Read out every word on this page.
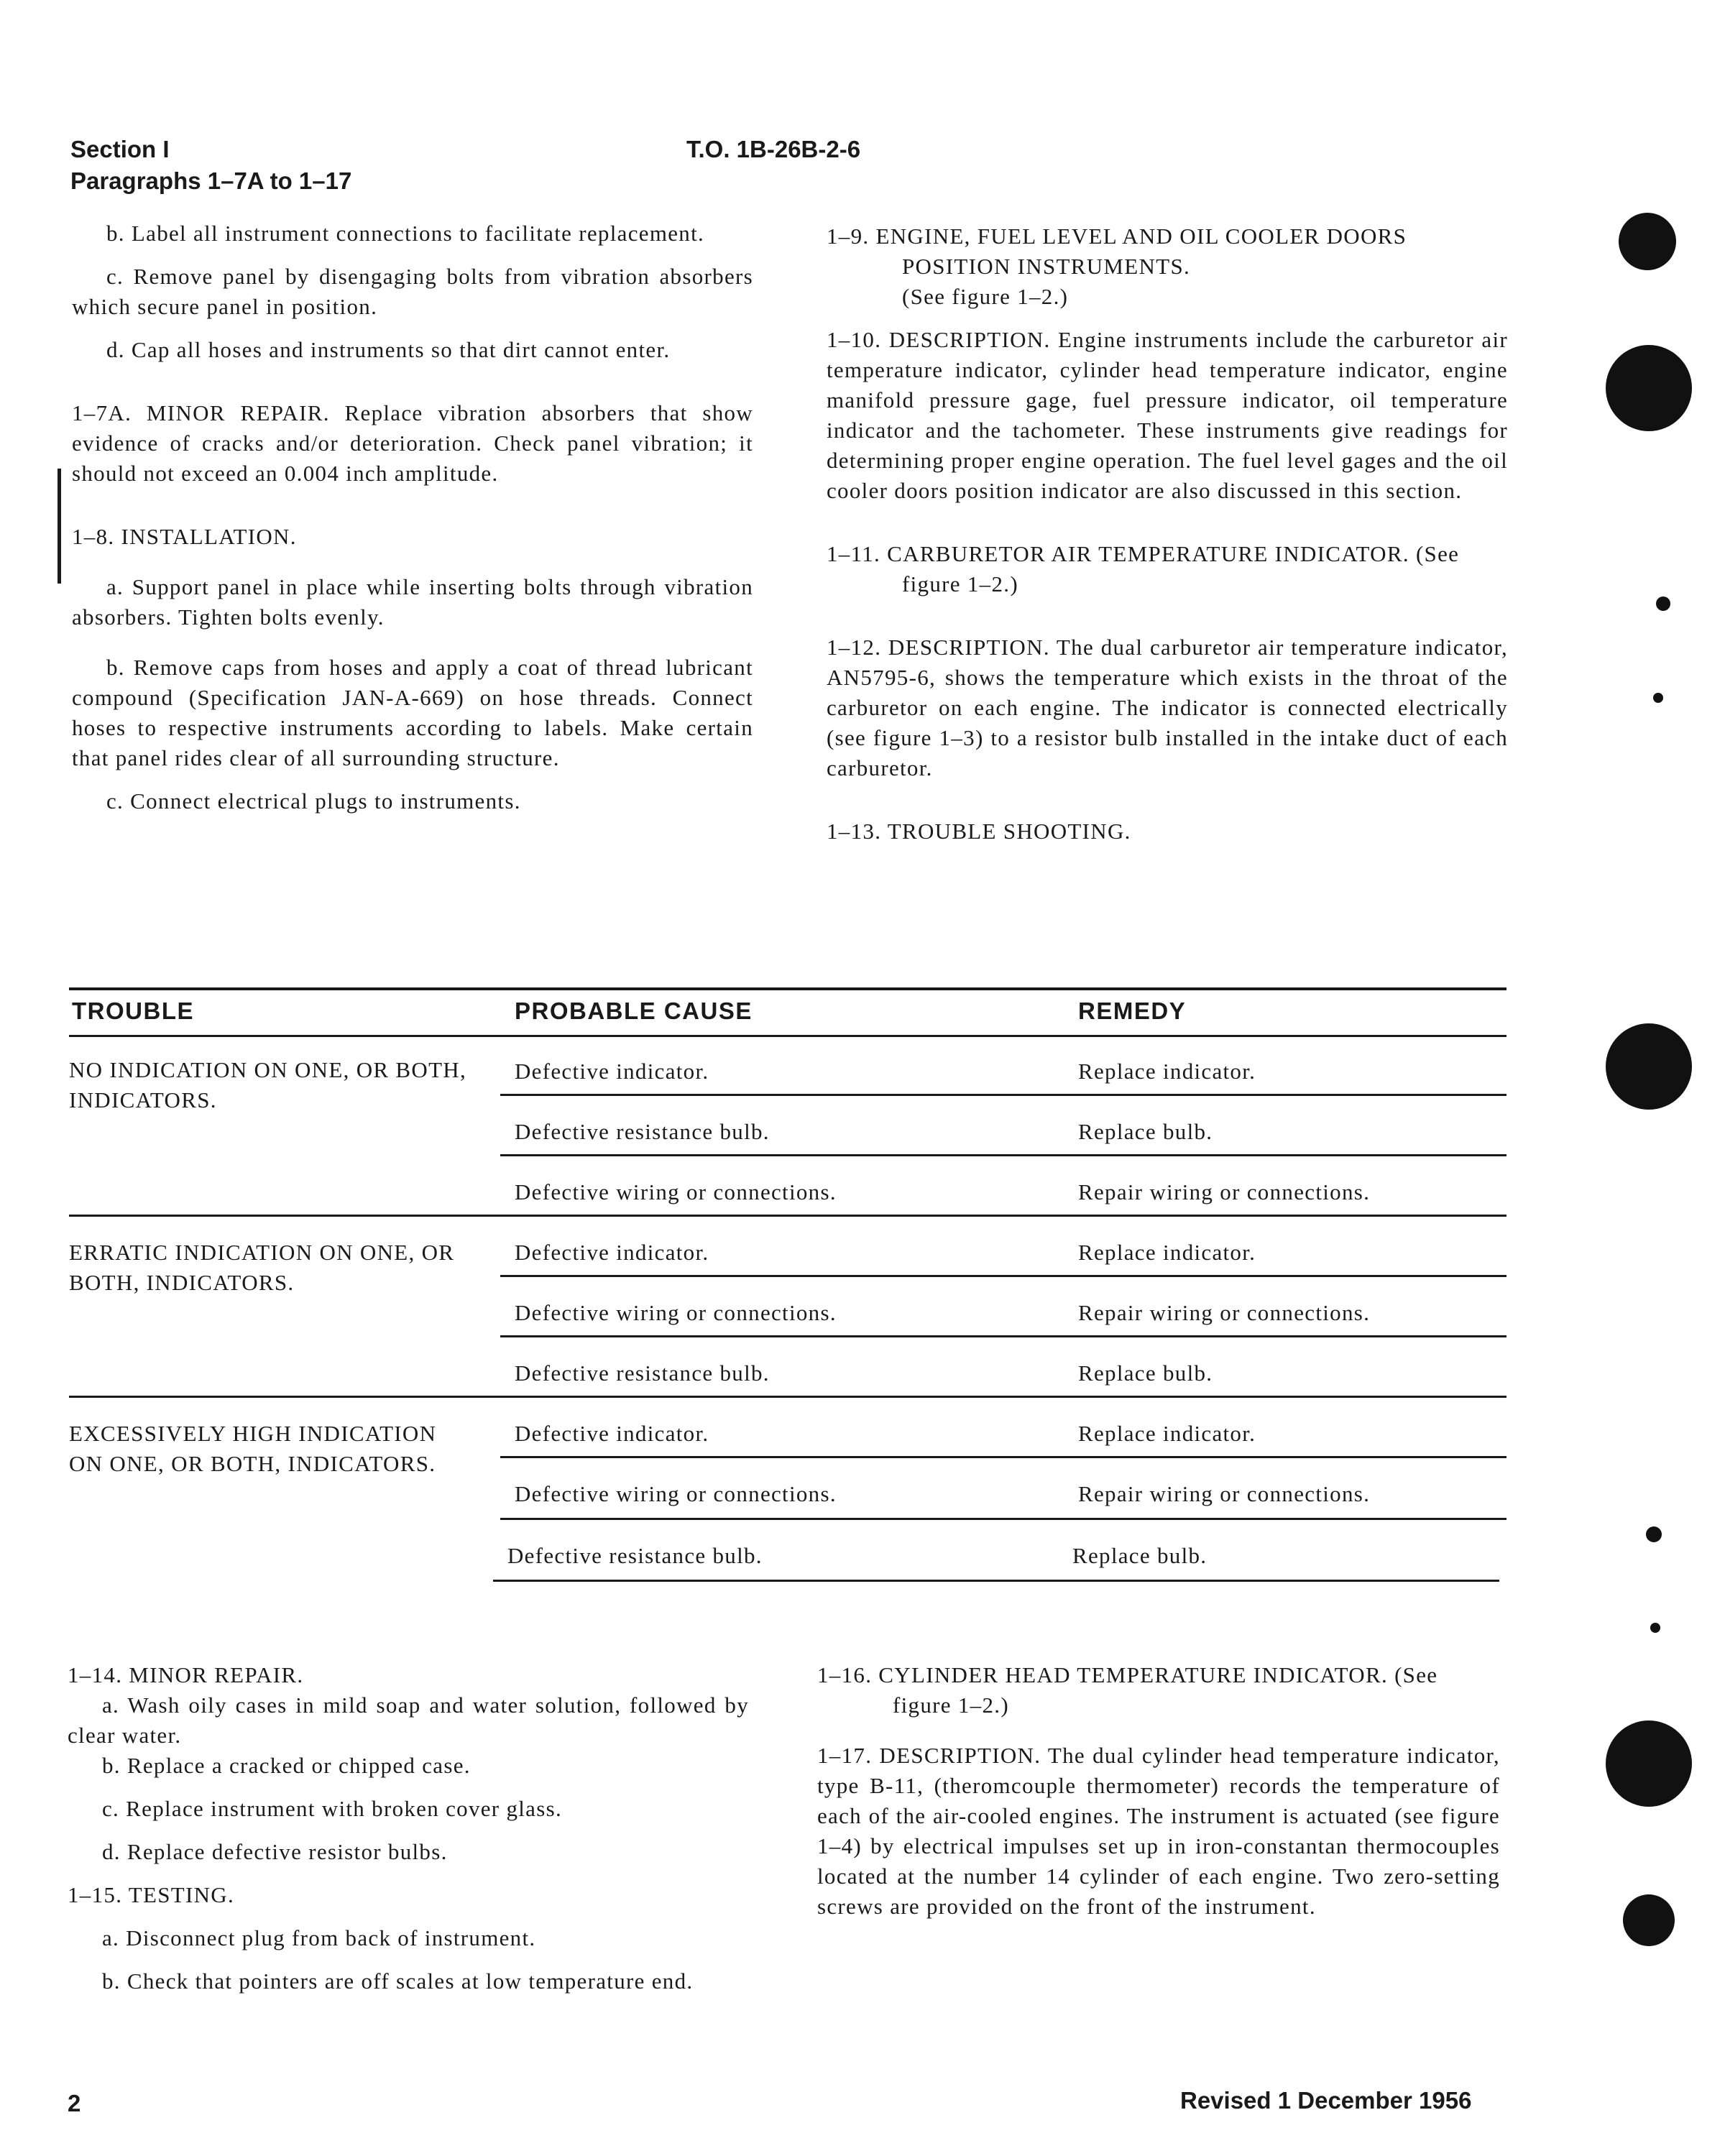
Section I
Paragraphs 1–7A to 1–17
T.O. 1B-26B-2-6

b. Label all instrument connections to facilitate replacement.

c. Remove panel by disengaging bolts from vibration absorbers which secure panel in position.

d. Cap all hoses and instruments so that dirt cannot enter.

1–7A. MINOR REPAIR. Replace vibration absorbers that show evidence of cracks and/or deterioration. Check panel vibration; it should not exceed an 0.004 inch amplitude.

1–8. INSTALLATION.

a. Support panel in place while inserting bolts through vibration absorbers. Tighten bolts evenly.

b. Remove caps from hoses and apply a coat of thread lubricant compound (Specification JAN-A-669) on hose threads. Connect hoses to respective instruments according to labels. Make certain that panel rides clear of all surrounding structure.

c. Connect electrical plugs to instruments.

1–9. ENGINE, FUEL LEVEL AND OIL COOLER DOORS POSITION INSTRUMENTS.

(See figure 1–2.)

1–10. DESCRIPTION. Engine instruments include the carburetor air temperature indicator, cylinder head temperature indicator, engine manifold pressure gage, fuel pressure indicator, oil temperature indicator and the tachometer. These instruments give readings for determining proper engine operation. The fuel level gages and the oil cooler doors position indicator are also discussed in this section.

1–11. CARBURETOR AIR TEMPERATURE INDICATOR. (See figure 1–2.)

1–12. DESCRIPTION. The dual carburetor air temperature indicator, AN5795-6, shows the temperature which exists in the throat of the carburetor on each engine. The indicator is connected electrically (see figure 1–3) to a resistor bulb installed in the intake duct of each carburetor.

1–13. TROUBLE SHOOTING.

TROUBLE	PROBABLE CAUSE	REMEDY
NO INDICATION ON ONE, OR BOTH, INDICATORS.
Defective indicator.	Replace indicator.
Defective resistance bulb.	Replace bulb.
Defective wiring or connections.	Repair wiring or connections.
ERRATIC INDICATION ON ONE, OR BOTH, INDICATORS.
Defective indicator.	Replace indicator.
Defective wiring or connections.	Repair wiring or connections.
Defective resistance bulb.	Replace bulb.
EXCESSIVELY HIGH INDICATION ON ONE, OR BOTH, INDICATORS.
Defective indicator.	Replace indicator.
Defective wiring or connections.	Repair wiring or connections.
Defective resistance bulb.	Replace bulb.

1–14. MINOR REPAIR.

a. Wash oily cases in mild soap and water solution, followed by clear water.

b. Replace a cracked or chipped case.

c. Replace instrument with broken cover glass.

d. Replace defective resistor bulbs.

1–15. TESTING.

a. Disconnect plug from back of instrument.

b. Check that pointers are off scales at low temperature end.

1–16. CYLINDER HEAD TEMPERATURE INDICATOR. (See figure 1–2.)

1–17. DESCRIPTION. The dual cylinder head temperature indicator, type B-11, (theromcouple thermometer) records the temperature of each of the air-cooled engines. The instrument is actuated (see figure 1–4) by electrical impulses set up in iron-constantan thermocouples located at the number 14 cylinder of each engine. Two zero-setting screws are provided on the front of the instrument.

2	Revised 1 December 1956
